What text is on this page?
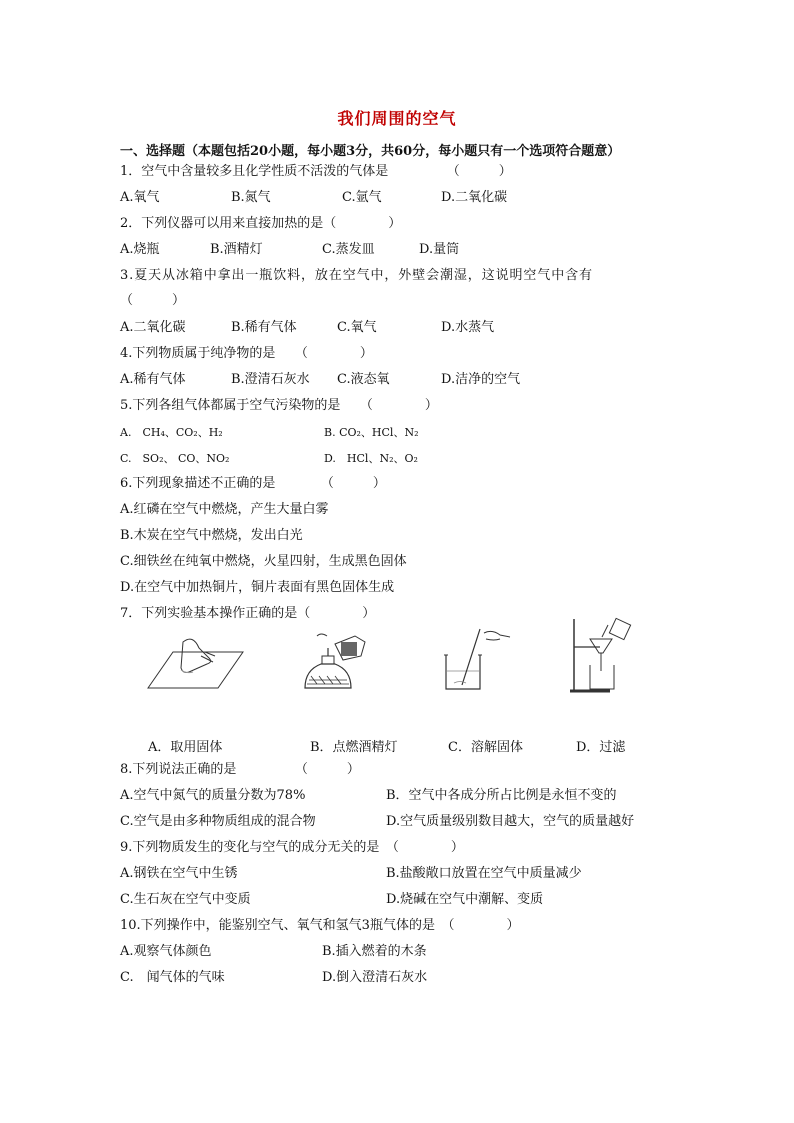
我们周围的空气
一、选择题（本题包括20小题，每小题3分，共60分，每小题只有一个选项符合题意）
1．空气中含量较多且化学性质不活泼的气体是　　　　　（　　　）
A.氧气	B.氮气	C.氩气	D.二氧化碳
2．下列仪器可以用来直接加热的是（　　　　）
A.烧瓶	B.酒精灯	C.蒸发皿	D.量筒
3.夏天从冰箱中拿出一瓶饮料，放在空气中，外壁会潮湿，这说明空气中含有
（　　　）
A.二氧化碳	B.稀有气体	C.氧气	D.水蒸气
4.下列物质属于纯净物的是　　（　　　　）
A.稀有气体	B.澄清石灰水 C.液态氧	D.洁净的空气
5.下列各组气体都属于空气污染物的是　　（　　　　）
A.　CH₄、CO₂、H₂	B. CO₂、HCl、N₂
C.　SO₂、 CO、NO₂	D.　HCl、N₂、O₂
6.下列现象描述不正确的是　　　　（　　　）
A.红磷在空气中燃烧，产生大量白雾
B.木炭在空气中燃烧，发出白光
C.细铁丝在纯氧中燃烧，火星四射，生成黑色固体
D.在空气中加热铜片，铜片表面有黑色固体生成
7．下列实验基本操作正确的是（　　　　）
A．取用固体	B．点燃酒精灯	C．溶解固体	D．过滤
8.下列说法正确的是　　　　　（　　　）
A.空气中氮气的质量分数为78%	B．空气中各成分所占比例是永恒不变的
C.空气是由多种物质组成的混合物	D.空气质量级别数目越大，空气的质量越好
9.下列物质发生的变化与空气的成分无关的是　（　　　　）
A.钢铁在空气中生锈	B.盐酸敞口放置在空气中质量减少
C.生石灰在空气中变质	D.烧碱在空气中潮解、变质
10.下列操作中，能鉴别空气、氧气和氢气3瓶气体的是　（　　　　）
A.观察气体颜色	B.插入燃着的木条
C.　闻气体的气味	D.倒入澄清石灰水
